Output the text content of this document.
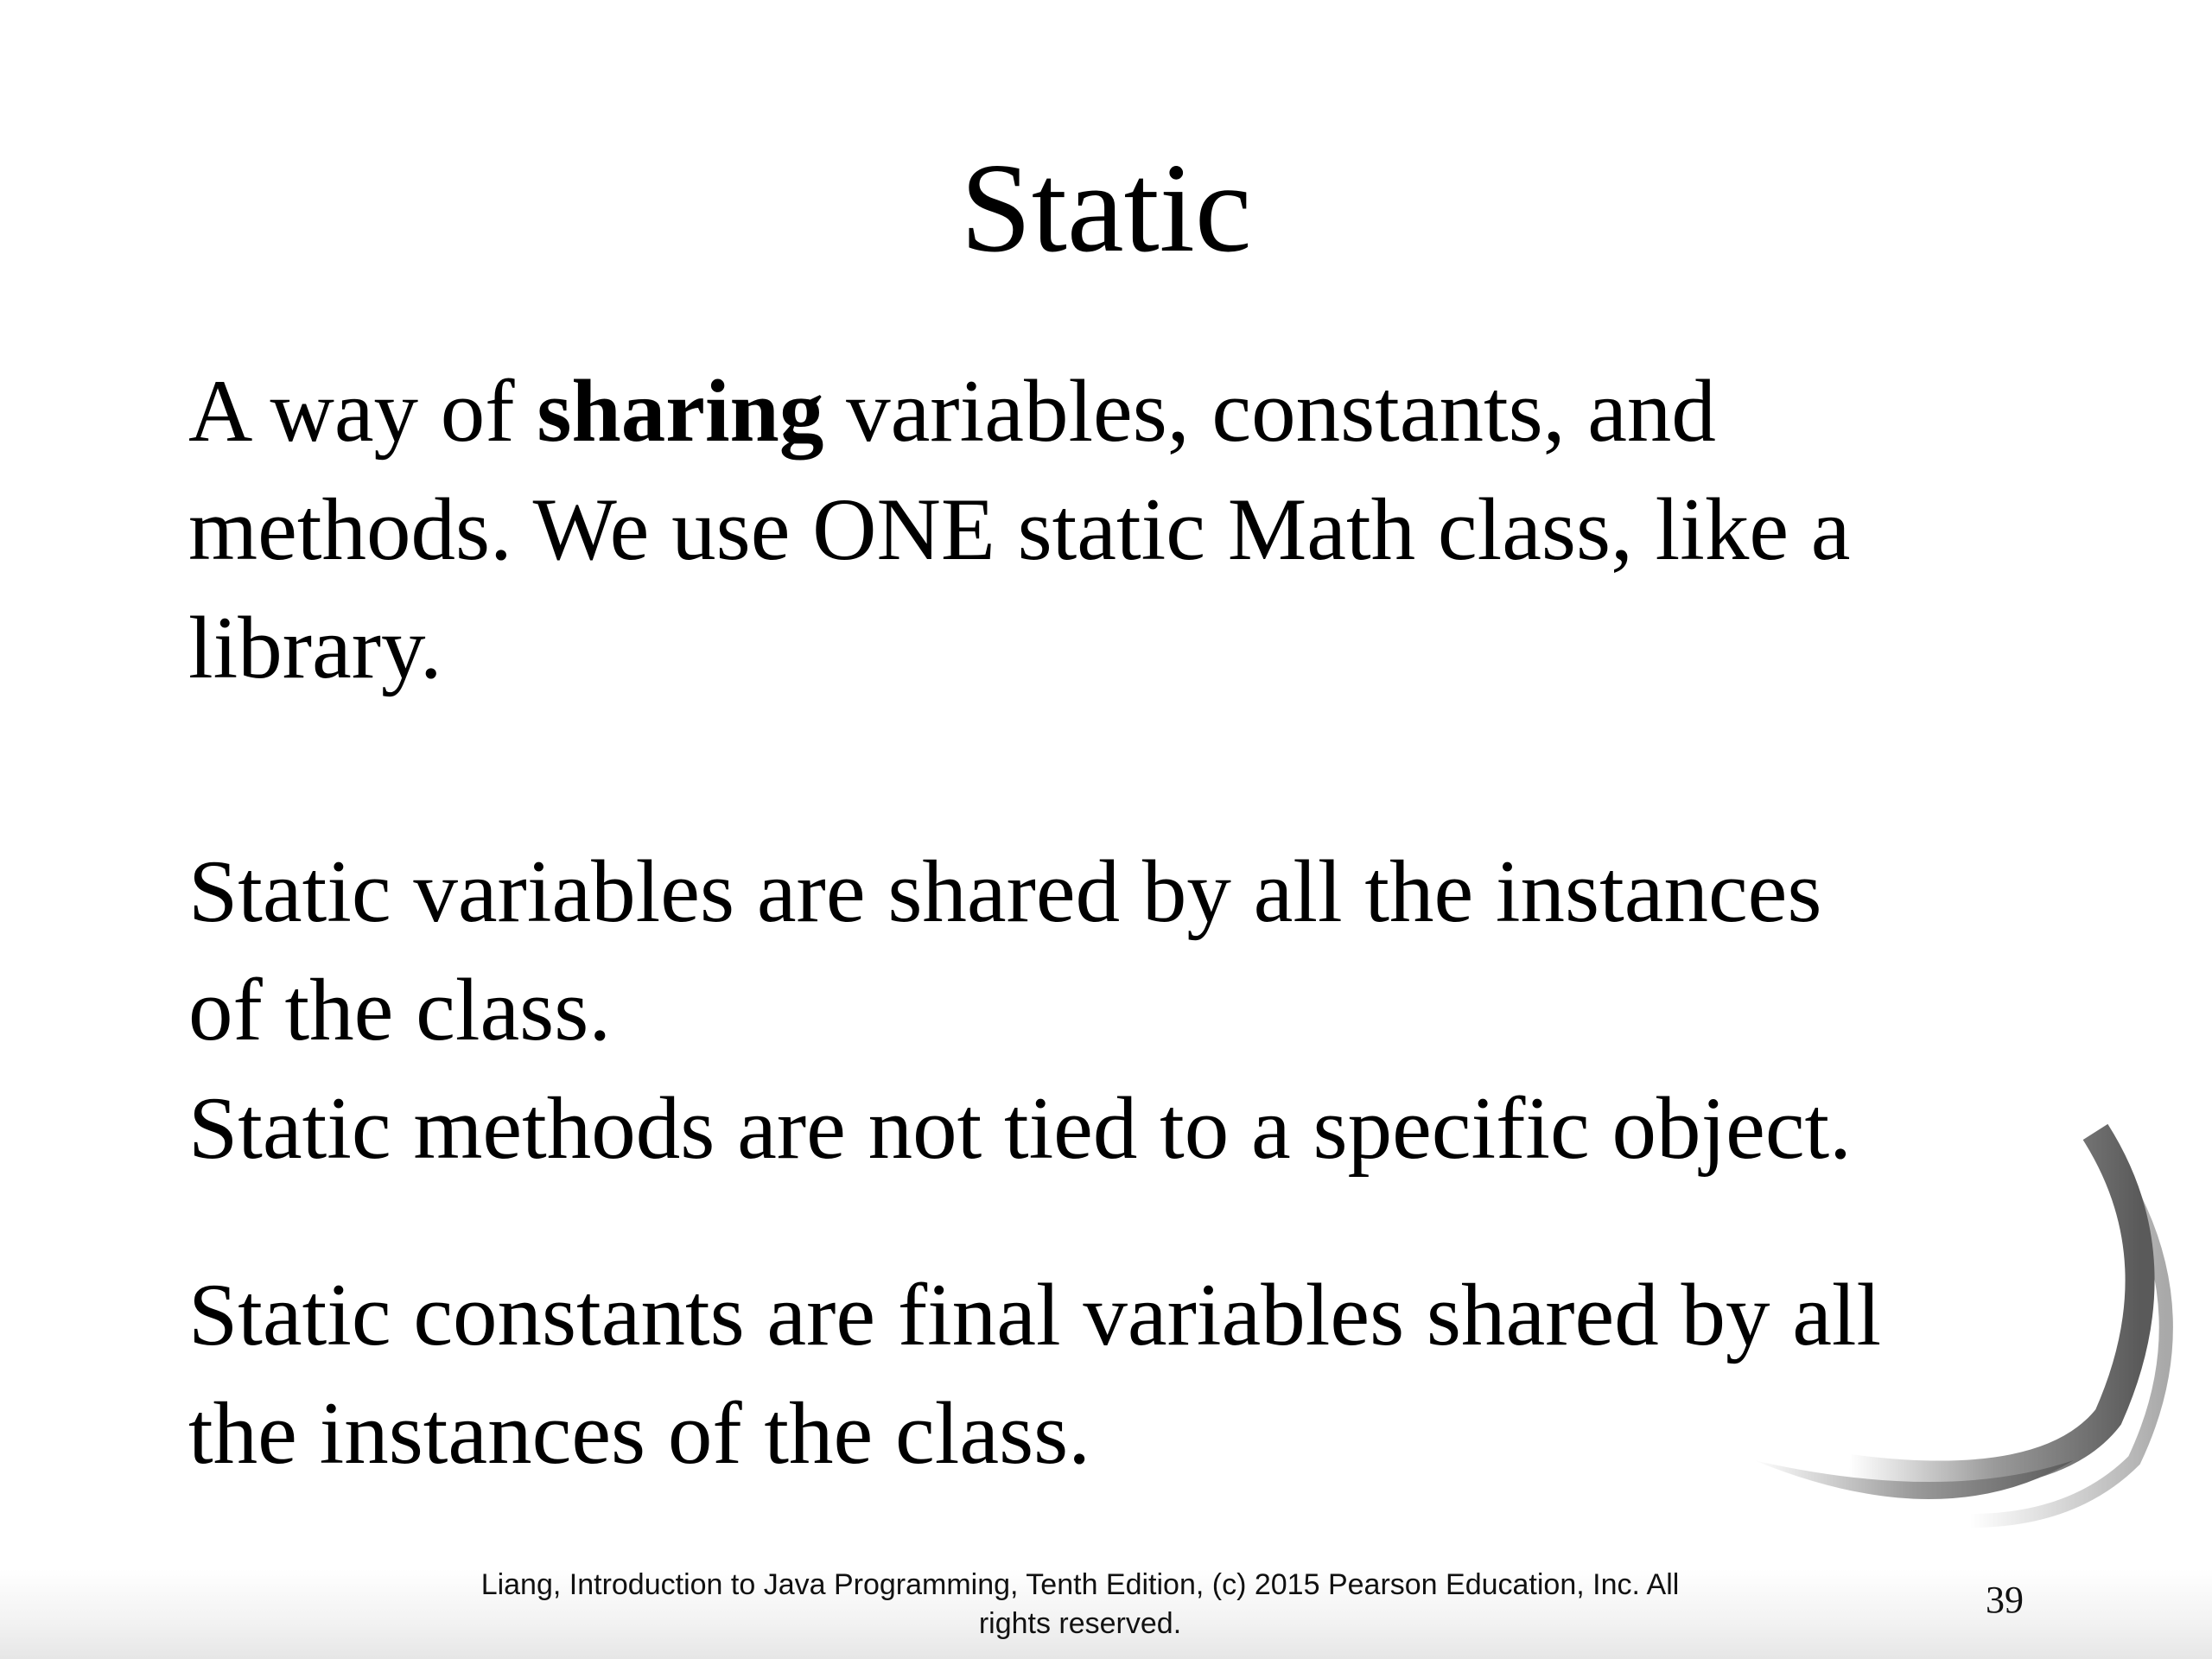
Static
A way of sharing variables, constants, and
methods. We use ONE static Math class, like a
library.
Static variables are shared by all the instances
of the class.
Static methods are not tied to a specific object.
Static constants are final variables shared by all
the instances of the class.
Liang, Introduction to Java Programming, Tenth Edition, (c) 2015 Pearson Education, Inc. All
rights reserved.
39
